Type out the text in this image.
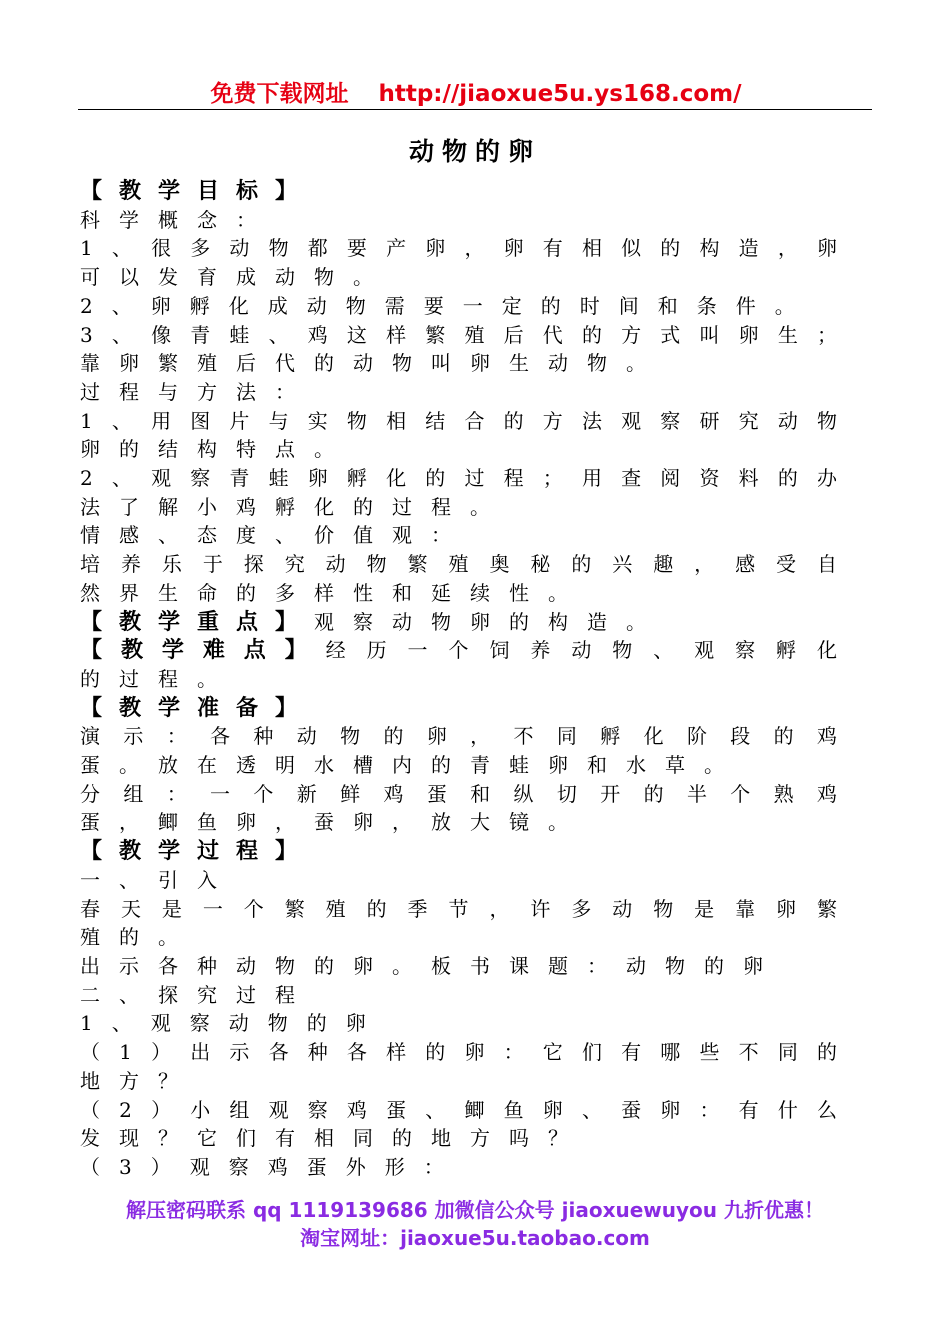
免费下载网址 http://jiaoxue5u.ys168.com/
动物的卵

【教学目标】

科学概念：

1、很多动物都要产卵，卵有相似的构造，卵可以发育成动物。

2、卵孵化成动物需要一定的时间和条件。

3、像青蛙、鸡这样繁殖后代的方式叫卵生；靠卵繁殖后代的动物叫卵生动物。

过程与方法：

1、用图片与实物相结合的方法观察研究动物卵的结构特点。

2、观察青蛙卵孵化的过程；用查阅资料的办法了解小鸡孵化的过程。

情感、态度、价值观：

培养乐于探究动物繁殖奥秘的兴趣，感受自然界生命的多样性和延续性。

【教学重点】观察动物卵的构造。

【教学难点】经历一个饲养动物、观察孵化的过程。

【教学准备】

演示：各种动物的卵，不同孵化阶段的鸡蛋。放在透明水槽内的青蛙卵和水草。

分组：一个新鲜鸡蛋和纵切开的半个熟鸡蛋，鲫鱼卵，蚕卵，放大镜。

【教学过程】

一、引入

春天是一个繁殖的季节，许多动物是靠卵繁殖的。

出示各种动物的卵。板书课题：动物的卵

二、探究过程

1、观察动物的卵

（1）出示各种各样的卵：它们有哪些不同的地方？

（2）小组观察鸡蛋、鲫鱼卵、蚕卵：有什么发现？它们有相同的地方吗？

（3）观察鸡蛋外形：

解压密码联系 qq 1119139686 加微信公众号 jiaoxuewuyou 九折优惠！
淘宝网址：jiaoxue5u.taobao.com
